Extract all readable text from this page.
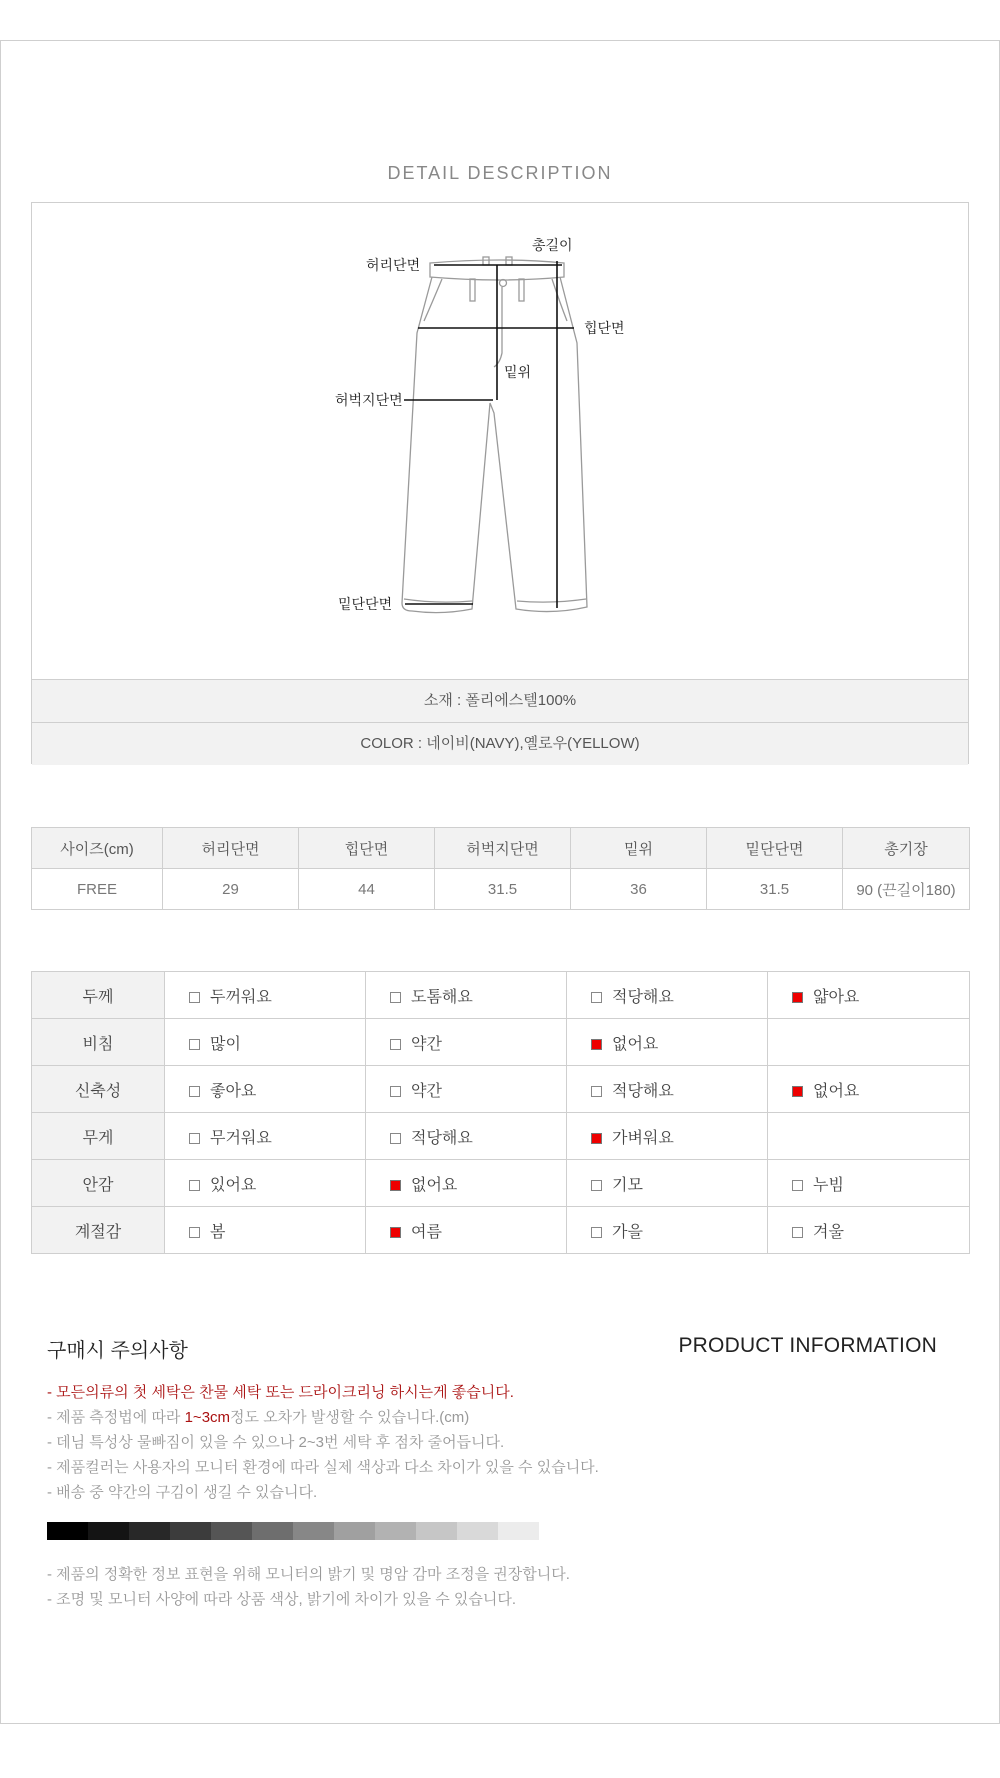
DETAIL DESCRIPTION
총길이
허리단면
힙단면
밑위
허벅지단면
밑단단면
소재 : 폴리에스텔100%
COLOR : 네이비(NAVY),옐로우(YELLOW)
사이즈(cm)	허리단면	힙단면	허벅지단면	밑위	밑단단면	총기장
FREE	29	44	31.5	36	31.5	90 (끈길이180)
두께	두꺼워요	도톰해요	적당해요	얇아요
비침	많이	약간	없어요	
신축성	좋아요	약간	적당해요	없어요
무게	무거워요	적당해요	가벼워요	
안감	있어요	없어요	기모	누빔
계절감	봄	여름	가을	겨울
구매시 주의사항	PRODUCT INFORMATION
- 모든의류의 첫 세탁은 찬물 세탁 또는 드라이크리닝 하시는게 좋습니다.
- 제품 측정법에 따라 1~3cm정도 오차가 발생할 수 있습니다.(cm)
- 데님 특성상 물빠짐이 있을 수 있으나 2~3번 세탁 후 점차 줄어듭니다.
- 제품컬러는 사용자의 모니터 환경에 따라 실제 색상과 다소 차이가 있을 수 있습니다.
- 배송 중 약간의 구김이 생길 수 있습니다.
- 제품의 정확한 정보 표현을 위해 모니터의 밝기 및 명암 감마 조정을 권장합니다.
- 조명 및 모니터 사양에 따라 상품 색상, 밝기에 차이가 있을 수 있습니다.
